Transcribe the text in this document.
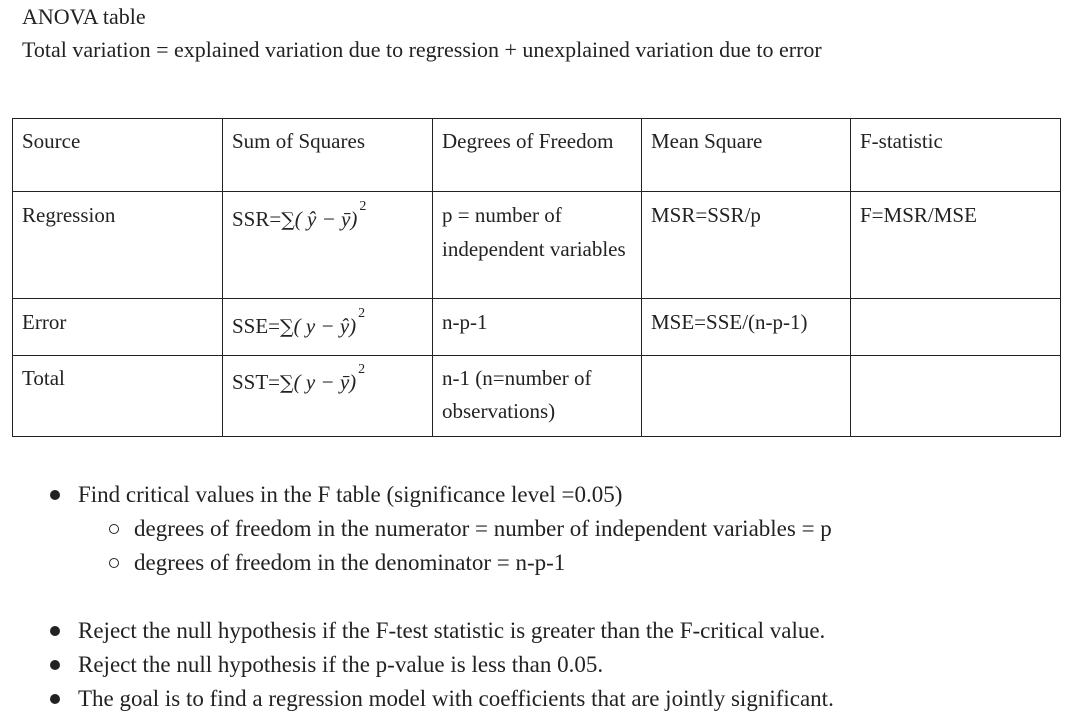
ANOVA table
Total variation = explained variation due to regression + unexplained variation due to error
Source	Sum of Squares	Degrees of Freedom	Mean Square	F-statistic
Regression	SSR=∑( ŷ − ȳ)$^2$	p = number of independent variables	MSR=SSR/p	F=MSR/MSE
Error	SSE=∑( y − ŷ)$^2$	n-p-1	MSE=SSE/(n-p-1)	
Total	SST=∑( y − ȳ)$^2$	n-1 (n=number of observations)		
Find critical values in the F table (significance level =0.05)
degrees of freedom in the numerator = number of independent variables = p
degrees of freedom in the denominator = n-p-1
Reject the null hypothesis if the F-test statistic is greater than the F-critical value.
Reject the null hypothesis if the p-value is less than 0.05.
The goal is to find a regression model with coefficients that are jointly significant.
